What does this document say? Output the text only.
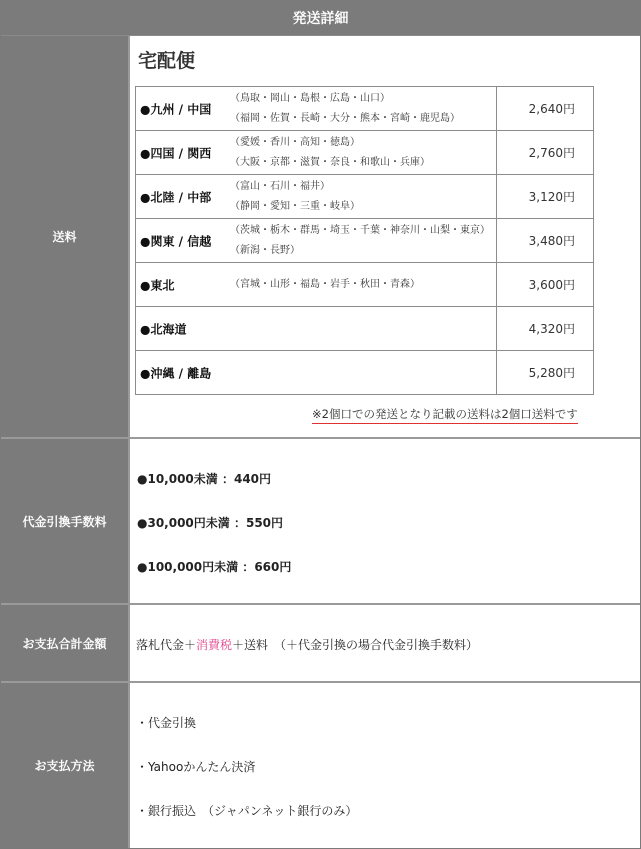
発送詳細
送料
宅配便
●九州 / 中国
（鳥取・岡山・島根・広島・山口）
（福岡・佐賀・長崎・大分・熊本・宮崎・鹿児島）	2,640円

●四国 / 関西
（愛媛・香川・高知・徳島）
（大阪・京都・滋賀・奈良・和歌山・兵庫）	2,760円

●北陸 / 中部
（富山・石川・福井）
（静岡・愛知・三重・岐阜）	3,120円

●関東 / 信越
（茨城・栃木・群馬・埼玉・千葉・神奈川・山梨・東京）
（新潟・長野）	3,480円

●東北 （宮城・山形・福島・岩手・秋田・青森）	3,600円

●北海道	4,320円

●沖縄 / 離島	5,280円
※2個口での発送となり記載の送料は2個口送料です
代金引換手数料
●10,000未満 ：440円
●30,000円未満 ：550円
●100,000円未満 ：660円
お支払合計金額	落札代金＋消費税＋送料　（＋代金引換の場合代金引換手数料）
お支払方法
・代金引換
・Yahooかんたん決済
・銀行振込　（ジャパンネット銀行のみ）
